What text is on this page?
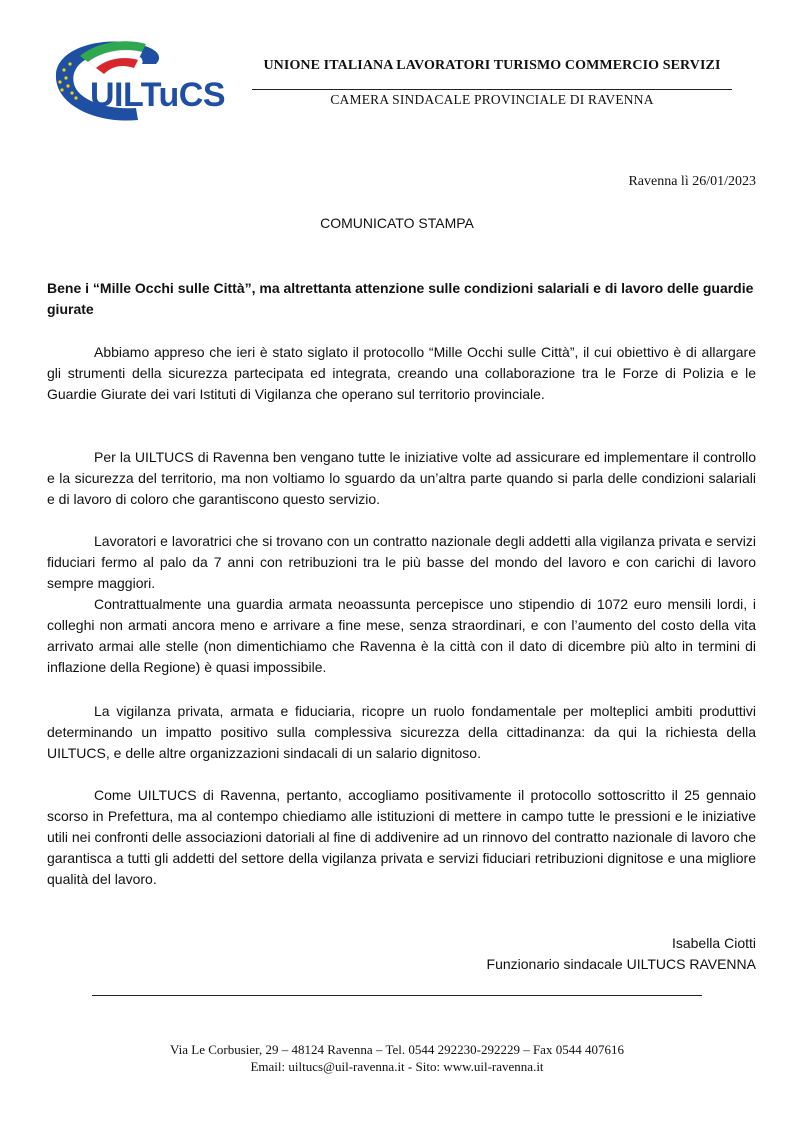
UILTuCS
UNIONE ITALIANA LAVORATORI TURISMO COMMERCIO SERVIZI
CAMERA SINDACALE PROVINCIALE DI RAVENNA
Ravenna lì 26/01/2023
COMUNICATO STAMPA
Bene i “Mille Occhi sulle Città”, ma altrettanta attenzione sulle condizioni salariali e di lavoro delle guardie giurate

Abbiamo appreso che ieri è stato siglato il protocollo “Mille Occhi sulle Città”, il cui obiettivo è di allargare gli strumenti della sicurezza partecipata ed integrata, creando una collaborazione tra le Forze di Polizia e le Guardie Giurate dei vari Istituti di Vigilanza che operano sul territorio provinciale.

Per la UILTUCS di Ravenna ben vengano tutte le iniziative volte ad assicurare ed implementare il controllo e la sicurezza del territorio, ma non voltiamo lo sguardo da un’altra parte quando si parla delle condizioni salariali e di lavoro di coloro che garantiscono questo servizio.

Lavoratori e lavoratrici che si trovano con un contratto nazionale degli addetti alla vigilanza privata e servizi fiduciari fermo al palo da 7 anni con retribuzioni tra le più basse del mondo del lavoro e con carichi di lavoro sempre maggiori.

Contrattualmente una guardia armata neoassunta percepisce uno stipendio di 1072 euro mensili lordi, i colleghi non armati ancora meno e arrivare a fine mese, senza straordinari, e con l’aumento del costo della vita arrivato armai alle stelle (non dimentichiamo che Ravenna è la città con il dato di dicembre più alto in termini di inflazione della Regione) è quasi impossibile.

La vigilanza privata, armata e fiduciaria, ricopre un ruolo fondamentale per molteplici ambiti produttivi determinando un impatto positivo sulla complessiva sicurezza della cittadinanza: da qui la richiesta della UILTUCS, e delle altre organizzazioni sindacali di un salario dignitoso.

Come UILTUCS di Ravenna, pertanto, accogliamo positivamente il protocollo sottoscritto il 25 gennaio scorso in Prefettura, ma al contempo chiediamo alle istituzioni di mettere in campo tutte le pressioni e le iniziative utili nei confronti delle associazioni datoriali al fine di addivenire ad un rinnovo del contratto nazionale di lavoro che garantisca a tutti gli addetti del settore della vigilanza privata e servizi fiduciari retribuzioni dignitose e una migliore qualità del lavoro.

Isabella Ciotti
Funzionario sindacale UILTUCS RAVENNA
Via Le Corbusier, 29 – 48124 Ravenna – Tel. 0544 292230-292229 – Fax 0544 407616
Email: uiltucs@uil-ravenna.it - Sito: www.uil-ravenna.it
